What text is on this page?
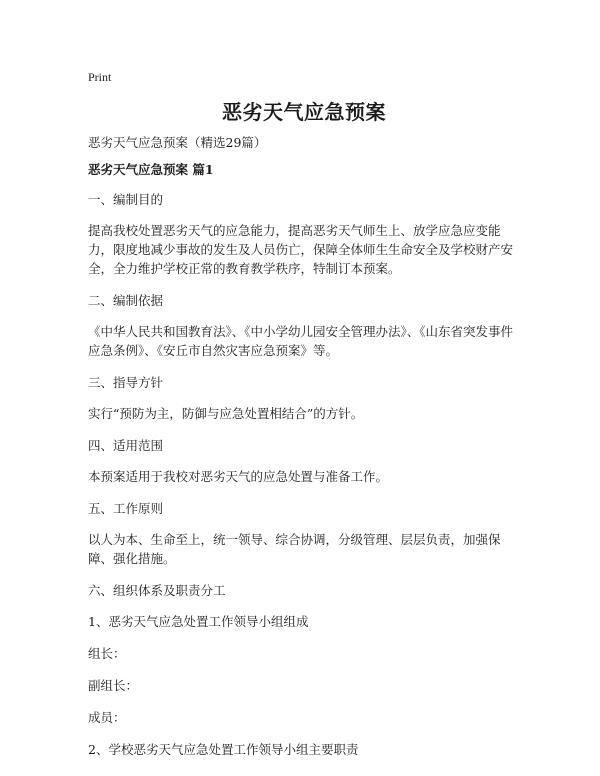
Print
恶劣天气应急预案
恶劣天气应急预案（精选29篇）

恶劣天气应急预案 篇1

一、编制目的

提高我校处置恶劣天气的应急能力，提高恶劣天气师生上、放学应急应变能力，限度地减少事故的发生及人员伤亡，保障全体师生生命安全及学校财产安全，全力维护学校正常的教育教学秩序，特制订本预案。

二、编制依据

《中华人民共和国教育法》、《中小学幼儿园安全管理办法》、《山东省突发事件应急条例》、《安丘市自然灾害应急预案》等。

三、指导方针

实行“预防为主，防御与应急处置相结合”的方针。

四、适用范围

本预案适用于我校对恶劣天气的应急处置与准备工作。

五、工作原则

以人为本、生命至上，统一领导、综合协调，分级管理、层层负责，加强保障、强化措施。

六、组织体系及职责分工

1、恶劣天气应急处置工作领导小组组成

组长：

副组长：

成员：

2、学校恶劣天气应急处置工作领导小组主要职责
